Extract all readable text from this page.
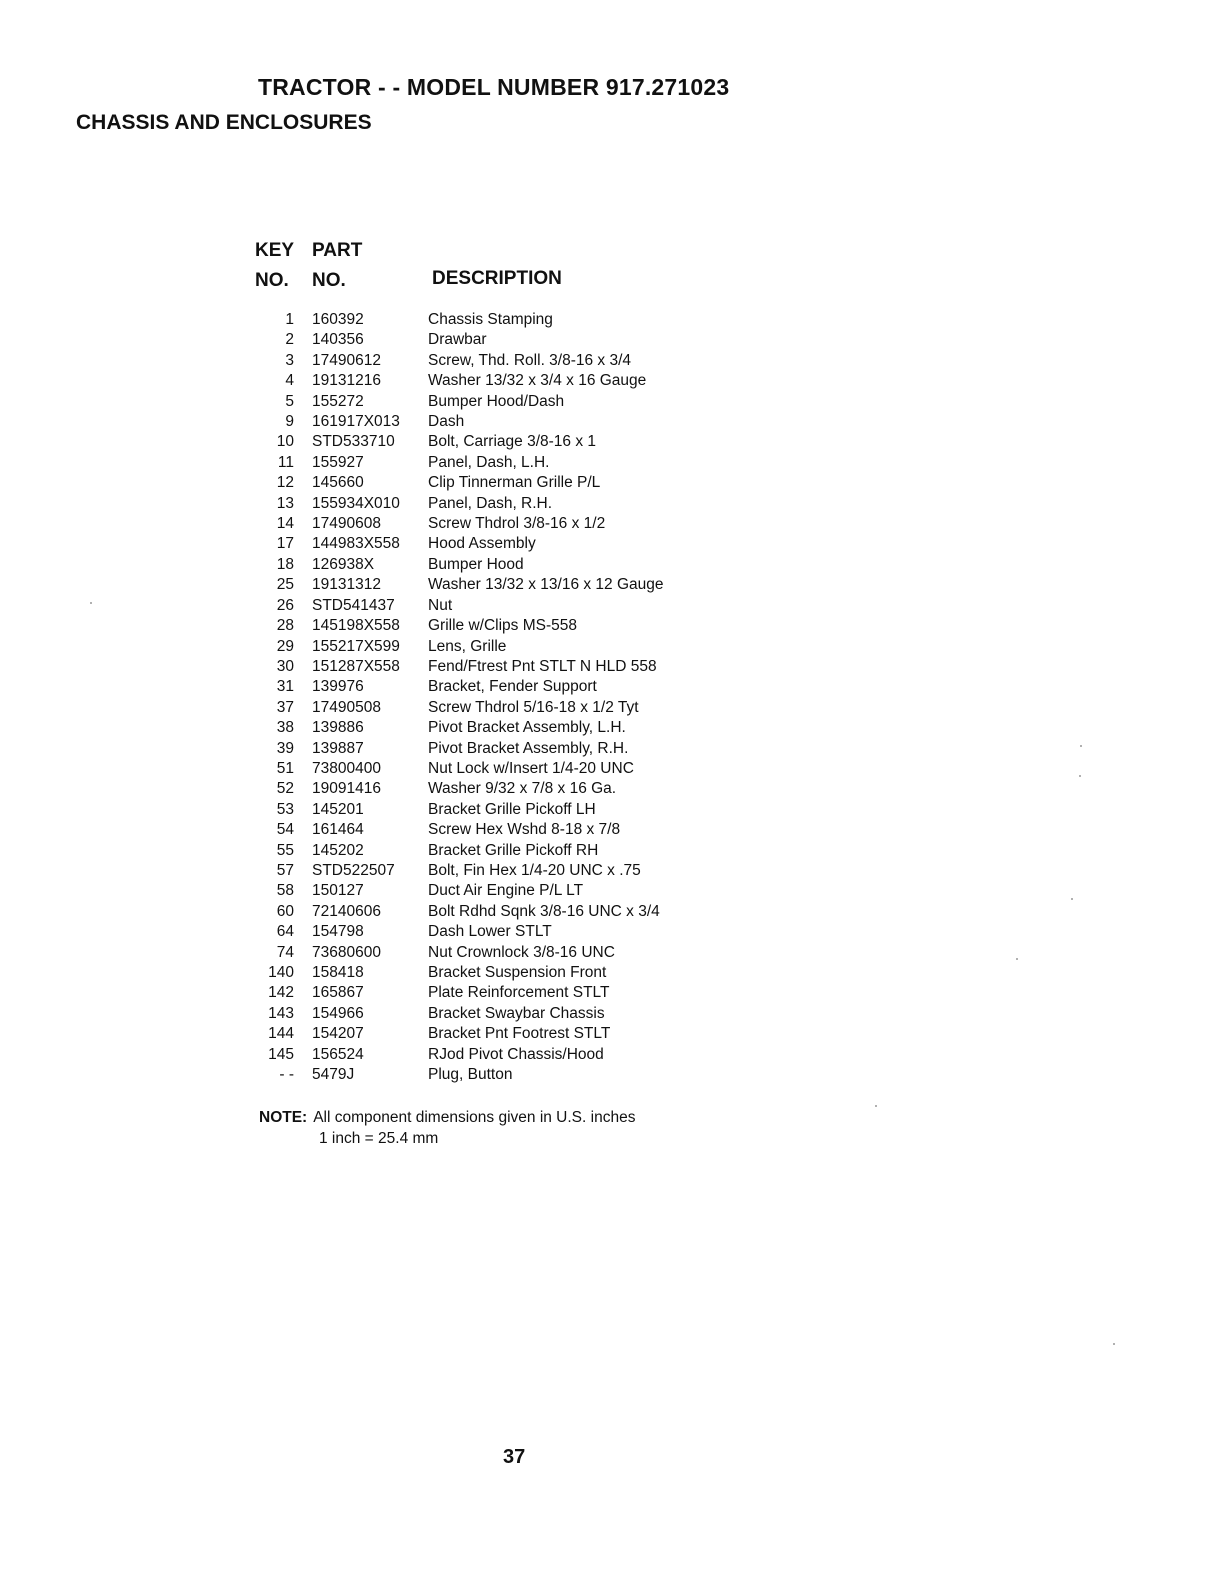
TRACTOR - - MODEL NUMBER 917.271023
CHASSIS AND ENCLOSURES
KEY
NO.
PART
NO.	DESCRIPTION
1	160392	Chassis Stamping
2	140356	Drawbar
3	17490612	Screw, Thd. Roll. 3/8-16 x 3/4
4	19131216	Washer 13/32 x 3/4 x 16 Gauge
5	155272	Bumper Hood/Dash
9	161917X013	Dash
10	STD533710	Bolt, Carriage 3/8-16 x 1
11	155927	Panel, Dash, L.H.
12	145660	Clip Tinnerman Grille P/L
13	155934X010	Panel, Dash, R.H.
14	17490608	Screw Thdrol 3/8-16 x 1/2
17	144983X558	Hood Assembly
18	126938X	Bumper Hood
25	19131312	Washer 13/32 x 13/16 x 12 Gauge
26	STD541437	Nut
28	145198X558	Grille w/Clips MS-558
29	155217X599	Lens, Grille
30	151287X558	Fend/Ftrest Pnt STLT N HLD 558
31	139976	Bracket, Fender Support
37	17490508	Screw Thdrol 5/16-18 x 1/2 Tyt
38	139886	Pivot Bracket Assembly, L.H.
39	139887	Pivot Bracket Assembly, R.H.
51	73800400	Nut Lock w/Insert 1/4-20 UNC
52	19091416	Washer 9/32 x 7/8 x 16 Ga.
53	145201	Bracket Grille Pickoff LH
54	161464	Screw Hex Wshd 8-18 x 7/8
55	145202	Bracket Grille Pickoff RH
57	STD522507	Bolt, Fin Hex 1/4-20 UNC x .75
58	150127	Duct Air Engine P/L LT
60	72140606	Bolt Rdhd Sqnk 3/8-16 UNC x 3/4
64	154798	Dash Lower STLT
74	73680600	Nut Crownlock 3/8-16 UNC
140	158418	Bracket Suspension Front
142	165867	Plate Reinforcement STLT
143	154966	Bracket Swaybar Chassis
144	154207	Bracket Pnt Footrest STLT
145	156524	RJod Pivot Chassis/Hood
- -	5479J	Plug, Button
NOTE: All component dimensions given in U.S. inches
1 inch = 25.4 mm
37
